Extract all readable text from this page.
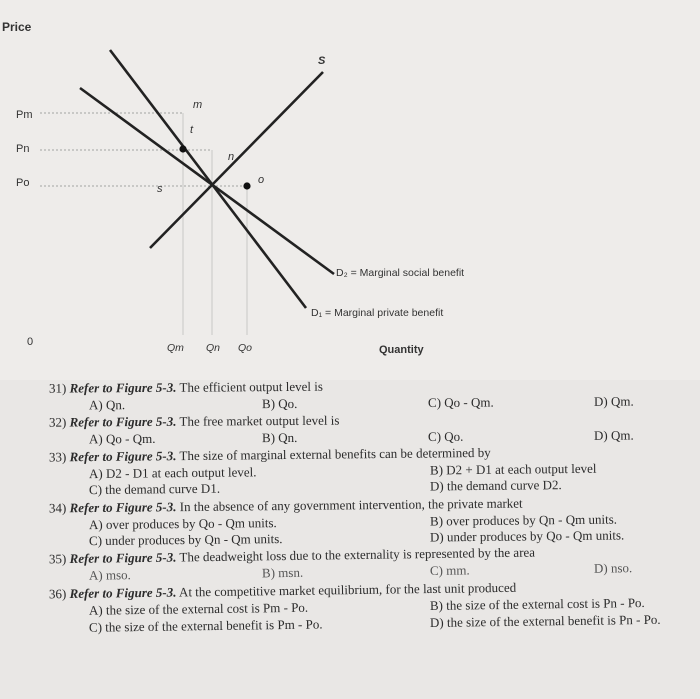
Price
Pm
Pn
Po
m
t
n
o
s
S
D₂ = Marginal social benefit
D₁ = Marginal private benefit
0	Qm Qn Qo	Quantity
31) Refer to Figure 5-3. The efficient output level is
A) Qn.	B) Qo.	C) Qo - Qm.	D) Qm.
32) Refer to Figure 5-3. The free market output level is
A) Qo - Qm.	B) Qn.	C) Qo.	D) Qm.
33) Refer to Figure 5-3. The size of marginal external benefits can be determined by
A) D2 - D1 at each output level.	B) D2 + D1 at each output level
C) the demand curve D1.	D) the demand curve D2.
34) Refer to Figure 5-3. In the absence of any government intervention, the private market
A) over produces by Qo - Qm units.	B) over produces by Qn - Qm units.
C) under produces by Qn - Qm units.	D) under produces by Qo - Qm units.
35) Refer to Figure 5-3. The deadweight loss due to the externality is represented by the area
A) mso.	B) msn.	C) mm.	D) nso.
36) Refer to Figure 5-3. At the competitive market equilibrium, for the last unit produced
A) the size of the external cost is Pm - Po.	B) the size of the external cost is Pn - Po.
C) the size of the external benefit is Pm - Po.	D) the size of the external benefit is Pn - Po.
